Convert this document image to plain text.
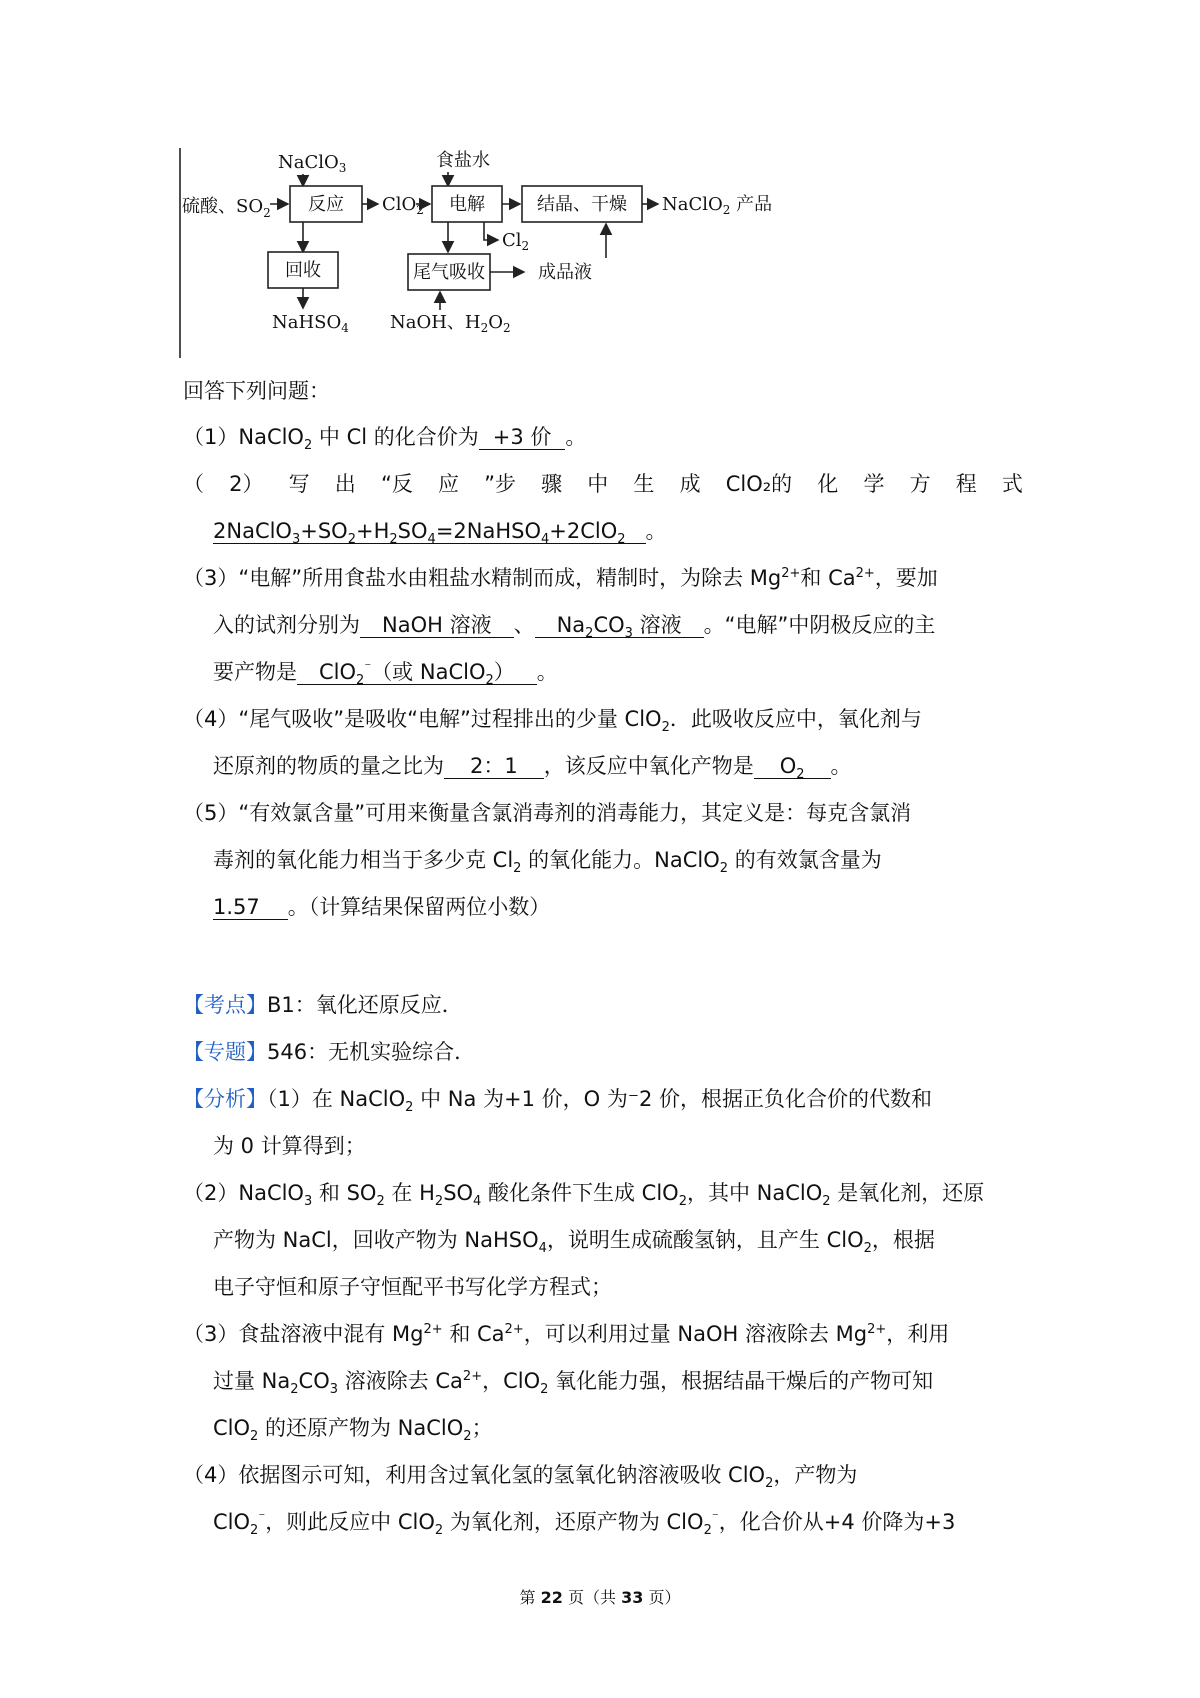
硫酸、$SO_2$
NaClO$_3$
反应 ClO$_2$
食盐水
电解
$Cl_2$
结晶、干燥 NaClO$_2$ 产品
回收
NaHSO$_4$
尾气吸收	成品液
NaOH、$H_2O_2$
回答下列问题：
（1）NaClO$_2$ 中 Cl 的化合价为 +3 价 。
（ 2） 写 出 “反 应 ”步 骤 中 生 成 ClO₂的 化 学 方 程 式
$2NaClO_3+SO_2+H_2SO_4=2NaHSO_4+2ClO_2$ 。
（3）“电解”所用食盐水由粗盐水精制而成，精制时，为除去 $Mg^{2+}$和 $Ca^{2+}$，要加
入的试剂分别为 NaOH 溶液 、 $Na_2CO_3$ 溶液 。“电解”中阴极反应的主
要产物是 ClO$_2$⁻（或 NaClO$_2$） 。
（4）“尾气吸收”是吸收“电解”过程排出的少量 ClO$_2$．此吸收反应中，氧化剂与
还原剂的物质的量之比为 2：1 ，该反应中氧化产物是 $O_2$ 。
（5）“有效氯含量”可用来衡量含氯消毒剂的消毒能力，其定义是：每克含氯消
毒剂的氧化能力相当于多少克 $Cl_2$ 的氧化能力。NaClO$_2$ 的有效氯含量为
1.57 。（计算结果保留两位小数）
【考点】B1：氧化还原反应．
【专题】546：无机实验综合．
【分析】（1）在 NaClO$_2$ 中 Na 为+1 价，O 为⁻2 价，根据正负化合价的代数和
为 0 计算得到；
（2）NaClO$_3$ 和 $SO_2$ 在 $H_2SO_4$ 酸化条件下生成 ClO$_2$，其中 NaClO$_2$ 是氧化剂，还原
产物为 NaCl，回收产物为 NaHSO$_4$，说明生成硫酸氢钠，且产生 ClO$_2$，根据
电子守恒和原子守恒配平书写化学方程式；
（3）食盐溶液中混有 $Mg^{2+}$ 和 $Ca^{2+}$，可以利用过量 NaOH 溶液除去 $Mg^{2+}$，利用
过量 $Na_2CO_3$ 溶液除去 $Ca^{2+}$，ClO$_2$ 氧化能力强，根据结晶干燥后的产物可知
ClO$_2$ 的还原产物为 NaClO$_2$；
（4）依据图示可知，利用含过氧化氢的氢氧化钠溶液吸收 ClO$_2$，产物为
ClO$_2$⁻，则此反应中 ClO$_2$ 为氧化剂，还原产物为 ClO$_2$⁻，化合价从+4 价降为+3
第 22 页（共 33 页）
